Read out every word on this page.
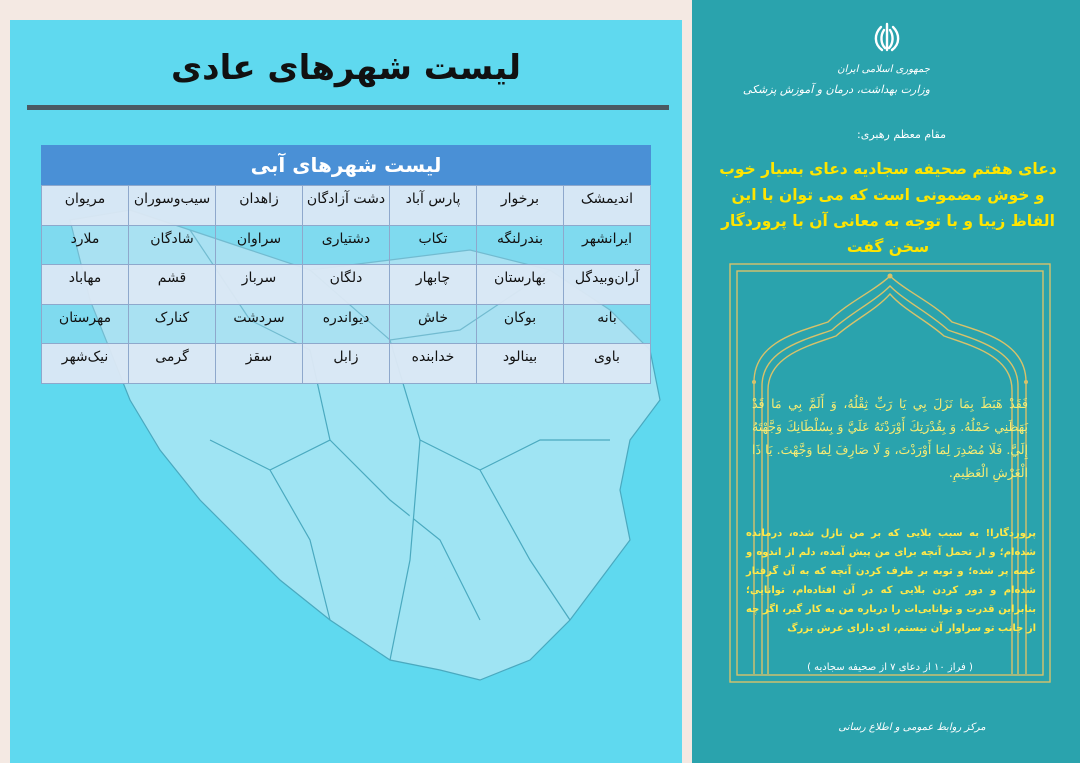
لیست شهرهای عادی
لیست شهرهای آبی
اندیمشک	برخوار	پارس آباد	دشت آزادگان	زاهدان	سیب‌وسوران	مریوان
ایرانشهر	بندرلنگه	تکاب	دشتیاری	سراوان	شادگان	ملارد
آران‌وبیدگل	بهارستان	چابهار	دلگان	سرباز	قشم	مهاباد
بانه	بوکان	خاش	دیواندره	سردشت	کنارک	مهرستان
باوی	بینالود	خدابنده	زابل	سقز	گرمی	نیک‌شهر
جمهوری اسلامی ایران
وزارت بهداشت، درمان و آموزش پزشکی
مقام معظم رهبری:
دعای هفتم صحیفه سجادیه دعای بسیار خوب و خوش مضمونی است که می توان با این الفاظ زیبا و با توجه به معانی آن با پروردگار سخن گفت
فَقَدْ هَبَطَ بِمَا نَزَلَ بِي يَا رَبِّ ثِقْلُهُ، وَ أَلَمَّ بِي مَا قَدْ بَهَظَنِي حَمْلُهُ. وَ بِقُدْرَتِكَ أَوْرَدْتَهُ عَلَيَّ وَ بِسُلْطَانِكَ وَجَّهْتَهُ إِلَيَّ. فَلَا مُصْدِرَ لِمَا أَوْرَدْتَ، وَ لَا صَارِفَ لِمَا وَجَّهْتَ. يَا ذَا الْعَرْشِ الْعَظِيمِ.
پروردگارا! به سبب بلایی که بر من نازل شده، درمانده شده‌ام؛ و از تحمل آنچه برای من پیش آمده، دلم از اندوه و غصه پر شده؛ و توبه بر طرف کردن آنچه که به آن گرفتار شده‌ام و دور کردن بلایی که در آن افتاده‌ام، توانایی؛ بنابراین قدرت و توانایی‌ات را درباره من به کار گیر، اگر چه از جانب تو سزاوار آن نیستم، ای دارای عرش بزرگ
( فراز ۱۰ از دعای ۷ از صحیفه سجادیه )
مرکز روابط عمومی و اطلاع رسانی
